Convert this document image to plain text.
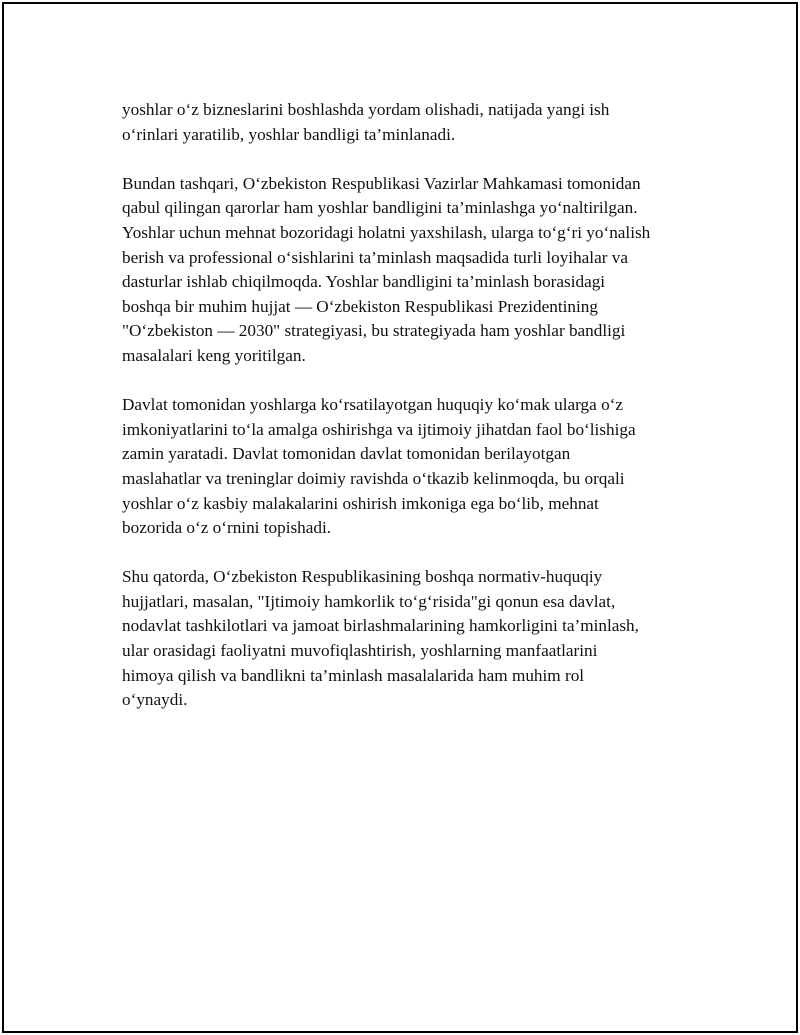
yoshlar o‘z bizneslarini boshlashda yordam olishadi, natijada yangi ish
o‘rinlari yaratilib, yoshlar bandligi ta’minlanadi.

Bundan tashqari, O‘zbekiston Respublikasi Vazirlar Mahkamasi tomonidan
qabul qilingan qarorlar ham yoshlar bandligini ta’minlashga yo‘naltirilgan.
Yoshlar uchun mehnat bozoridagi holatni yaxshilash, ularga to‘g‘ri yo‘nalish
berish va professional o‘sishlarini ta’minlash maqsadida turli loyihalar va
dasturlar ishlab chiqilmoqda. Yoshlar bandligini ta’minlash borasidagi
boshqa bir muhim hujjat — O‘zbekiston Respublikasi Prezidentining
"O‘zbekiston — 2030" strategiyasi, bu strategiyada ham yoshlar bandligi
masalalari keng yoritilgan.

Davlat tomonidan yoshlarga ko‘rsatilayotgan huquqiy ko‘mak ularga o‘z
imkoniyatlarini to‘la amalga oshirishga va ijtimoiy jihatdan faol bo‘lishiga
zamin yaratadi. Davlat tomonidan davlat tomonidan berilayotgan
maslahatlar va treninglar doimiy ravishda o‘tkazib kelinmoqda, bu orqali
yoshlar o‘z kasbiy malakalarini oshirish imkoniga ega bo‘lib, mehnat
bozorida o‘z o‘rnini topishadi.

Shu qatorda, O‘zbekiston Respublikasining boshqa normativ-huquqiy
hujjatlari, masalan, "Ijtimoiy hamkorlik to‘g‘risida"gi qonun esa davlat,
nodavlat tashkilotlari va jamoat birlashmalarining hamkorligini ta’minlash,
ular orasidagi faoliyatni muvofiqlashtirish, yoshlarning manfaatlarini
himoya qilish va bandlikni ta’minlash masalalarida ham muhim rol
o‘ynaydi.
